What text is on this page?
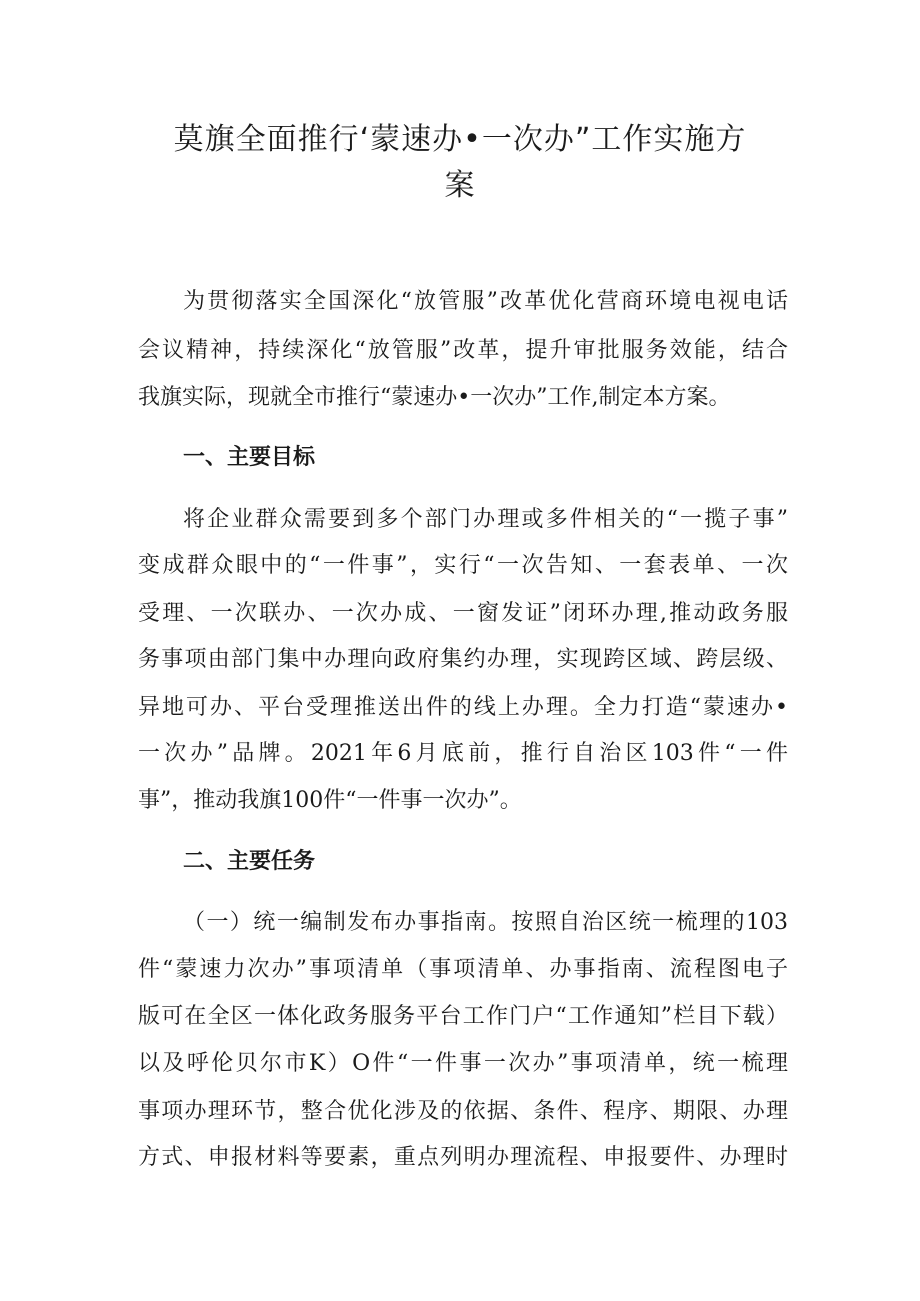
莫旗全面推行‘蒙速办•一次办”工作实施方
案
为贯彻落实全国深化“放管服”改革优化营商环境电视电话
会议精神，持续深化“放管服”改革，提升审批服务效能，结合
我旗实际，现就全市推行“蒙速办•一次办”工作,制定本方案。
一、主要目标
将企业群众需要到多个部门办理或多件相关的“一揽子事”
变成群众眼中的“一件事”，实行“一次告知、一套表单、一次
受理、一次联办、一次办成、一窗发证”闭环办理,推动政务服
务事项由部门集中办理向政府集约办理，实现跨区域、跨层级、
异地可办、平台受理推送出件的线上办理。全力打造“蒙速办•
一次办”品牌。2021年6月底前，推行自治区103件“一件
事”，推动我旗100件“一件事一次办”。
二、主要任务
（一）统一编制发布办事指南。按照自治区统一梳理的103
件“蒙速力次办”事项清单（事项清单、办事指南、流程图电子
版可在全区一体化政务服务平台工作门户“工作通知”栏目下载）
以及呼伦贝尔市K）O件“一件事一次办”事项清单，统一梳理
事项办理环节，整合优化涉及的依据、条件、程序、期限、办理
方式、申报材料等要素，重点列明办理流程、申报要件、办理时
